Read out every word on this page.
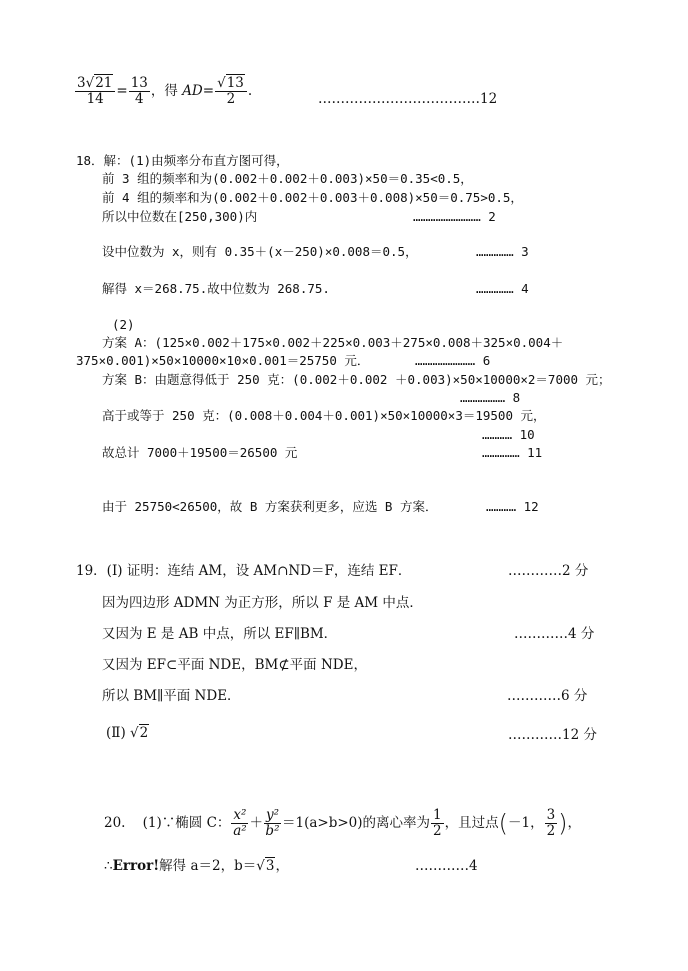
$\frac{3√21}{14} = \frac{13}{4}$ ，得 $AD= \frac{√13}{2}$ .	………………………………12
18．解：(1)由频率分布直方图可得，
前 3 组的频率和为(0.002＋0.002＋0.003)×50＝0.35<0.5，
前 4 组的频率和为(0.002＋0.002＋0.003＋0.008)×50＝0.75>0.5，
所以中位数在[250,300)内	……………………… 2
设中位数为 x，则有 0.35＋(x－250)×0.008＝0.5，	…………… 3
解得 x＝268.75.故中位数为 268.75.	…………… 4
(2)
方案 A：(125×0.002＋175×0.002＋225×0.003＋275×0.008＋325×0.004＋
375×0.001)×50×10000×10×0.001＝25750 元．	…………………… 6
方案 B：由题意得低于 250 克：(0.002＋0.002 ＋0.003)×50×10000×2＝7000 元；
……………… 8
高于或等于 250 克：(0.008＋0.004＋0.001)×50×10000×3＝19500 元，
………… 10
故总计 7000＋19500＝26500 元	…………… 11
由于 25750<26500，故 B 方案获利更多，应选 B 方案．	………… 12
19．(Ⅰ) 证明：连结 AM，设 AM∩ND＝F，连结 EF．	…………2 分
因为四边形 ADMN 为正方形，所以 F 是 AM 中点．
又因为 E 是 AB 中点，所以 EF∥BM．	…………4 分
又因为 EF⊂平面 NDE，BM⊄平面 NDE，
所以 BM∥平面 NDE．	…………6 分
(Ⅱ) √2	…………12 分
20. (1)∵椭圆 C： $\frac{\text{x²}}{\text{a²}} + \frac{\text{y²}}{\text{b²}} =1(a>b>0)$的离心率为 $\frac{1}{2}$ ，且过点(－1， $\frac{3}{2}$ )，
∴Error!解得 a＝2，b＝√3，	…………4
